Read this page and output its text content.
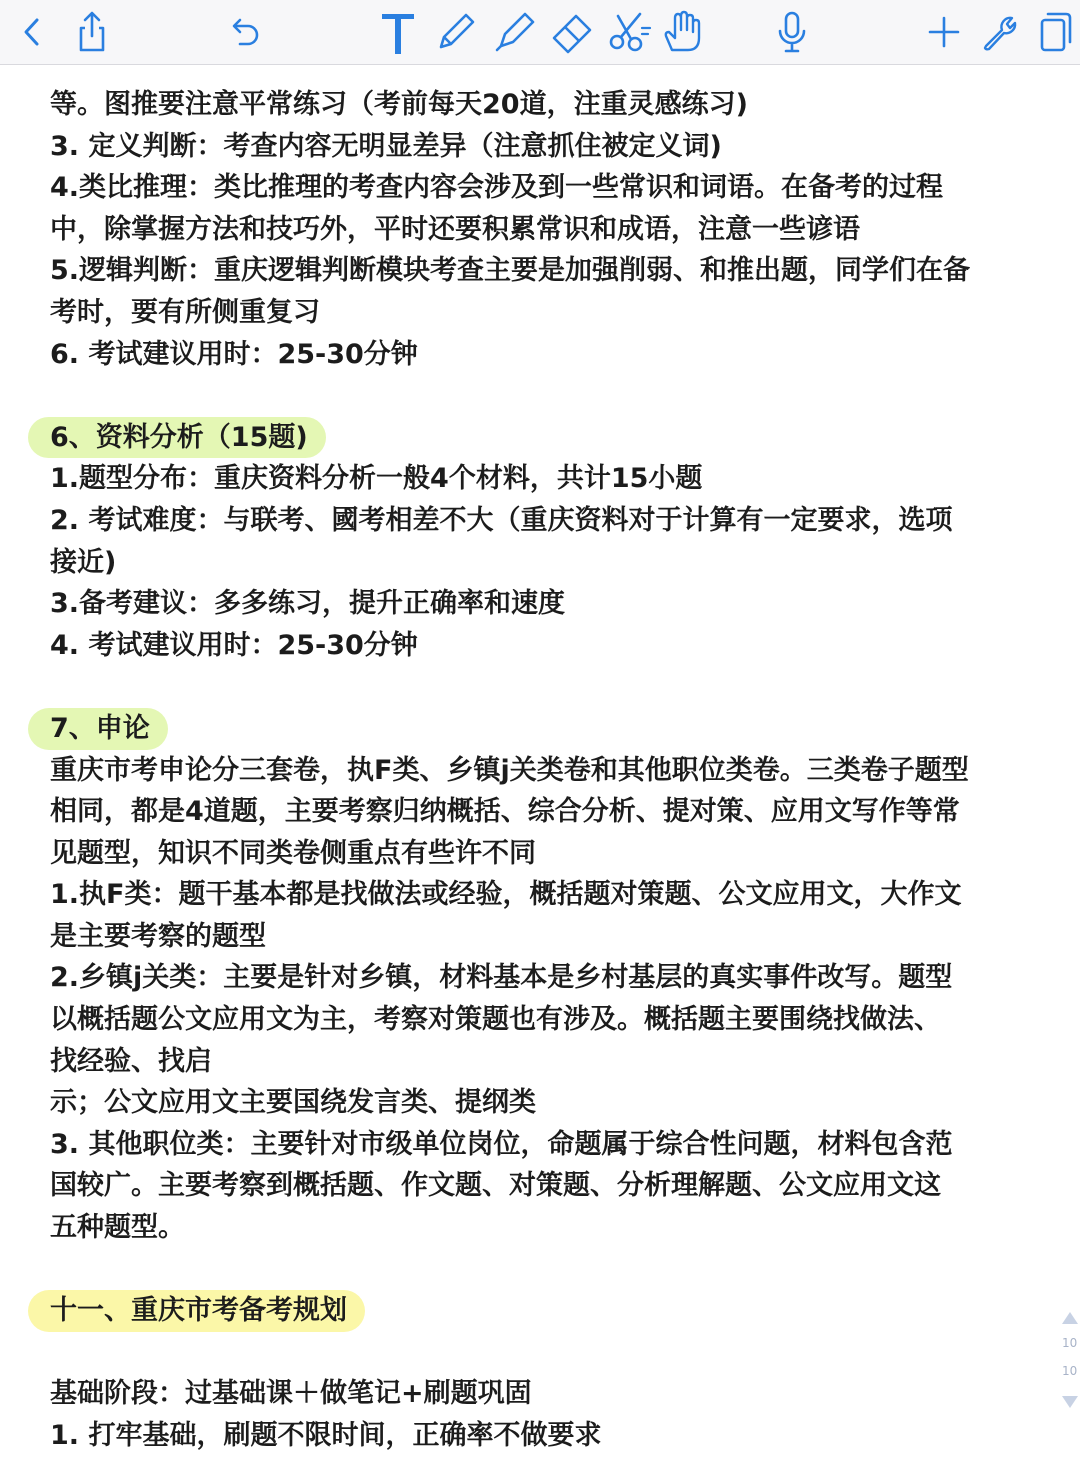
等。图推要注意平常练习（考前每天20道，注重灵感练习)
3. 定义判断：考查内容无明显差异（注意抓住被定义词)
4.类比推理：类比推理的考查内容会涉及到一些常识和词语。在备考的过程
中，除掌握方法和技巧外，平时还要积累常识和成语，注意一些谚语
5.逻辑判断：重庆逻辑判断模块考查主要是加强削弱、和推出题，同学们在备
考时，要有所侧重复习
6. 考试建议用时：25-30分钟
6、资料分析（15题)
1.题型分布：重庆资料分析一般4个材料，共计15小题
2. 考试难度：与联考、國考相差不大（重庆资料对于计算有一定要求，选项
接近)
3.备考建议：多多练习，提升正确率和速度
4. 考试建议用时：25-30分钟
7、申论
重庆市考申论分三套卷，执F类、乡镇j关类卷和其他职位类卷。三类卷子题型
相同，都是4道题，主要考察归纳概括、综合分析、提对策、应用文写作等常
见题型，知识不同类卷侧重点有些许不同
1.执F类：题干基本都是找做法或经验，概括题对策题、公文应用文，大作文
是主要考察的题型
2.乡镇j关类：主要是针对乡镇，材料基本是乡村基层的真实事件改写。题型
以概括题公文应用文为主，考察对策题也有涉及。概括题主要围绕找做法、
找经验、找启
示；公文应用文主要国绕发言类、提纲类
3. 其他职位类：主要针对市级单位岗位，命题属于综合性问题，材料包含范
国较广。主要考察到概括题、作文题、对策题、分析理解题、公文应用文这
五种题型。
十一、重庆市考备考规划
基础阶段：过基础课＋做笔记+刷题巩固
1. 打牢基础，刷题不限时间，正确率不做要求
10
10
